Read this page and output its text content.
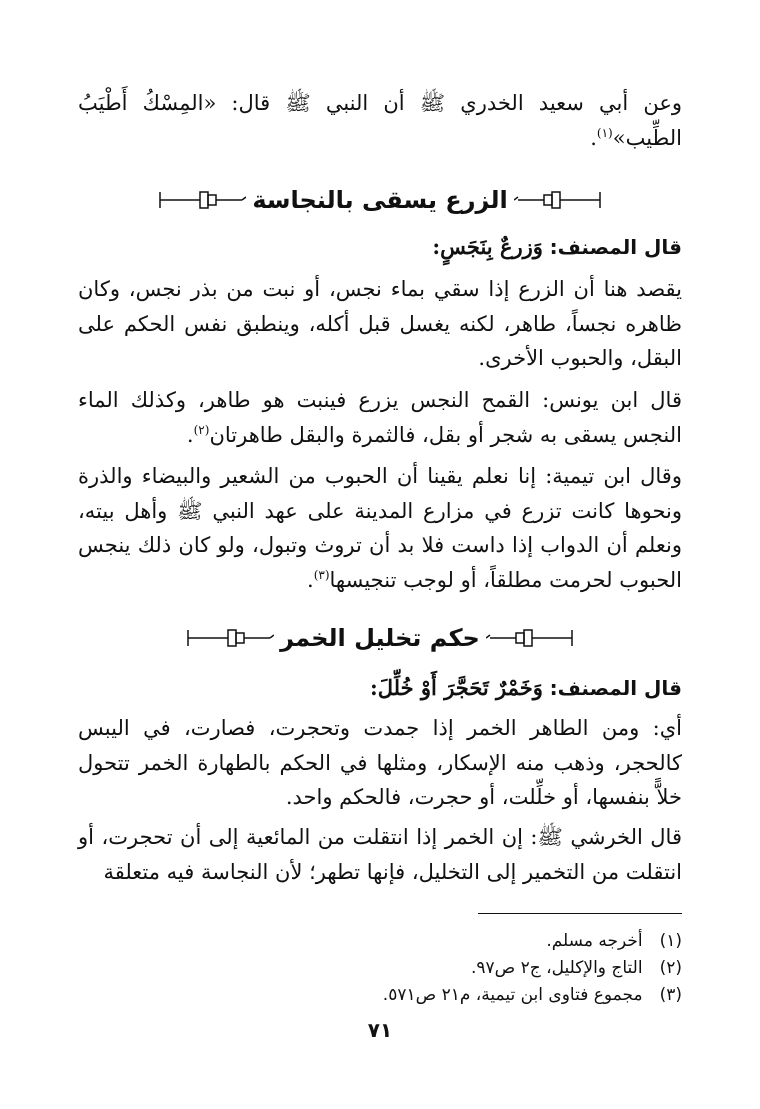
وعن أبي سعيد الخدري ﷺ أن النبي ﷺ قال: «المِسْكُ أَطْيَبُ الطِّيب»$^{(١)}$.

الزرع يسقى بالنجاسة

قال المصنف: وَزرعٌ بِنَجَسٍ:

يقصد هنا أن الزرع إذا سقي بماء نجس، أو نبت من بذر نجس، وكان ظاهره نجساً، طاهر، لكنه يغسل قبل أكله، وينطبق نفس الحكم على البقل، والحبوب الأخرى.

قال ابن يونس: القمح النجس يزرع فينبت هو طاهر، وكذلك الماء النجس يسقى به شجر أو بقل، فالثمرة والبقل طاهرتان$^{(٢)}$.

وقال ابن تيمية: إنا نعلم يقينا أن الحبوب من الشعير والبيضاء والذرة ونحوها كانت تزرع في مزارع المدينة على عهد النبي ﷺ وأهل بيته، ونعلم أن الدواب إذا داست فلا بد أن تروث وتبول، ولو كان ذلك ينجس الحبوب لحرمت مطلقاً، أو لوجب تنجيسها$^{(٣)}$.

حكم تخليل الخمر

قال المصنف: وَخَمْرٌ تَحَجَّرَ أَوْ خُلِّلَ:

أي: ومن الطاهر الخمر إذا جمدت وتحجرت، فصارت، في اليبس كالحجر، وذهب منه الإسكار، ومثلها في الحكم بالطهارة الخمر تتحول خلاًّ بنفسها، أو خلِّلت، أو حجرت، فالحكم واحد.

قال الخرشي ﷺ: إن الخمر إذا انتقلت من المائعية إلى أن تحجرت، أو انتقلت من التخمير إلى التخليل، فإنها تطهر؛ لأن النجاسة فيه متعلقة

(١) أخرجه مسلم.
(٢) التاج والإكليل، ج٢ ص٩٧.
(٣) مجموع فتاوى ابن تيمية، م٢١ ص٥٧١.
٧١
